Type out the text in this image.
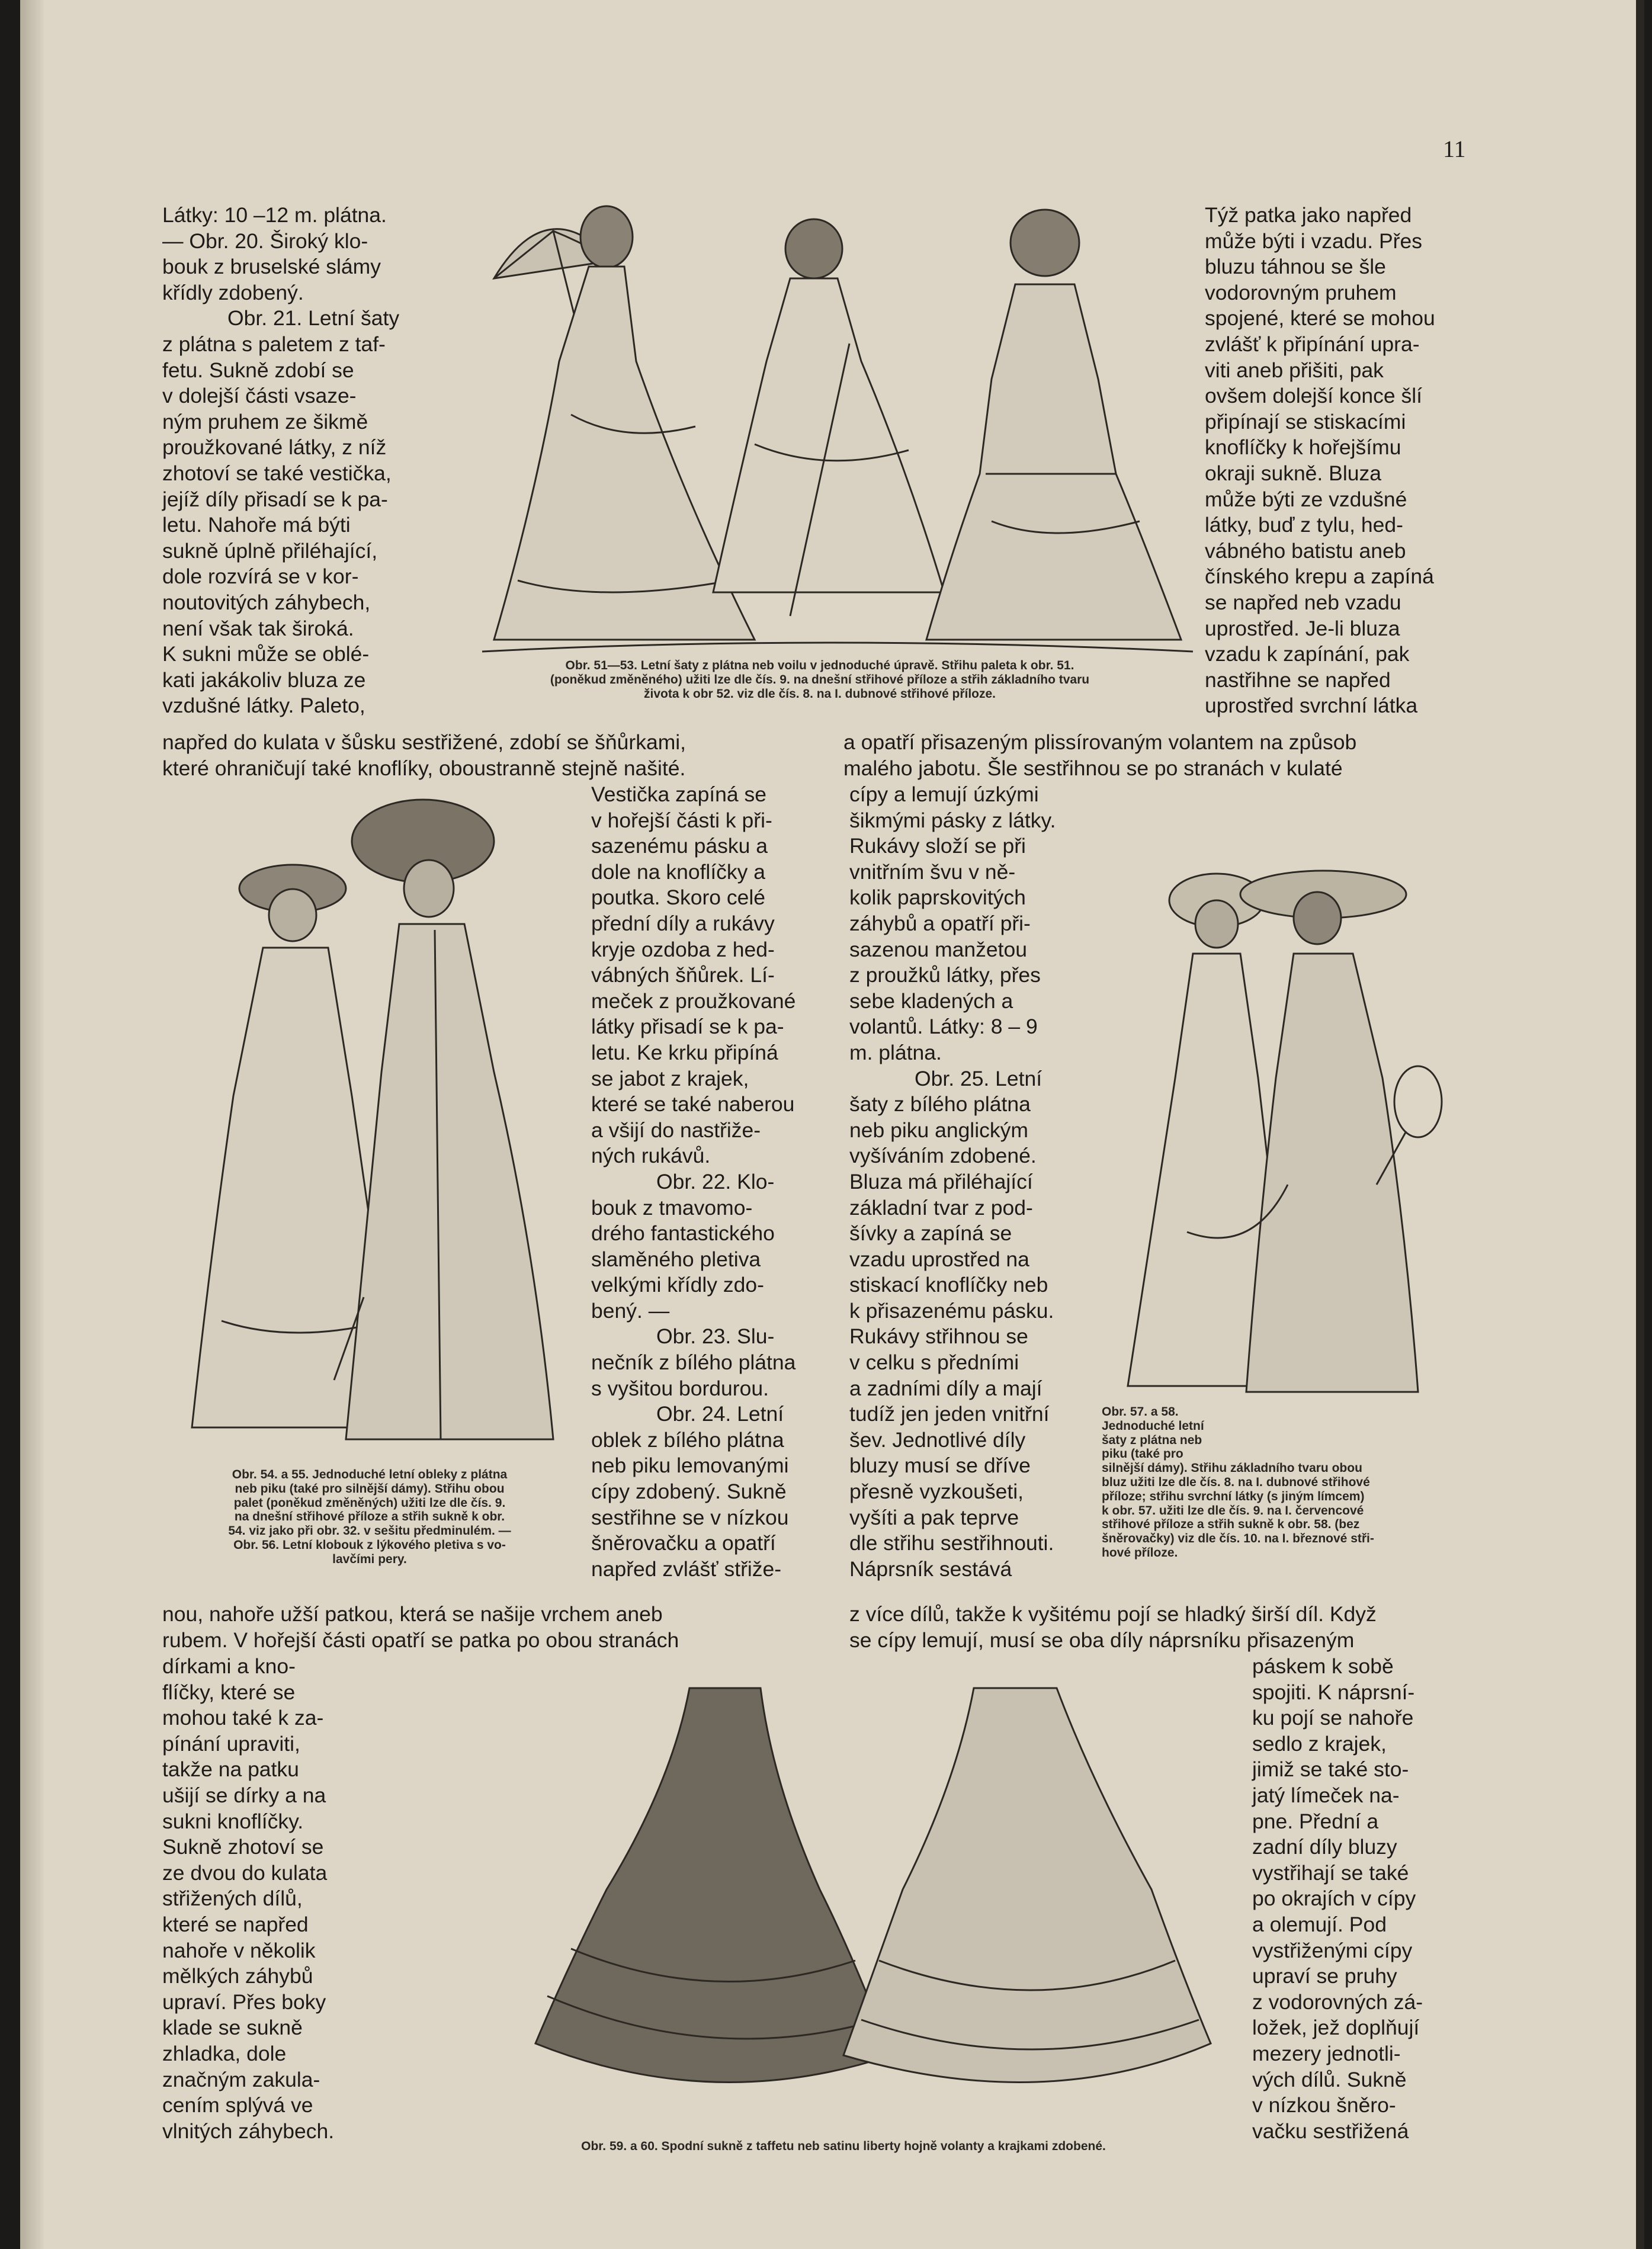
11

Látky: 10 –12 m. plátna.

— Obr. 20. Široký klo-

bouk z bruselské slámy

křídly zdobený.

Obr. 21. Letní šaty

z plátna s paletem z taf-

fetu. Sukně zdobí se

v dolejší části vsaze-

ným pruhem ze šikmě

proužkované látky, z níž

zhotoví se také vestička,

jejíž díly přisadí se k pa-

letu. Nahoře má býti

sukně úplně přiléhající,

dole rozvírá se v kor-

noutovitých záhybech,

není však tak široká.

K sukni může se oblé-

kati jakákoliv bluza ze

vzdušné látky. Paleto,

Obr. 51—53. Letní šaty z plátna neb voilu v jednoduché úpravě. Střihu paleta k obr. 51.
(poněkud změněného) užiti lze dle čís. 9. na dnešní střihové příloze a střih základního tvaru
života k obr 52. viz dle čís. 8. na I. dubnové střihové příloze.

Týž patka jako napřed

může býti i vzadu. Přes

bluzu táhnou se šle

vodorovným pruhem

spojené, které se mohou

zvlášť k připínání upra-

viti aneb přišiti, pak

ovšem dolejší konce šlí

připínají se stiskacími

knoflíčky k hořejšímu

okraji sukně. Bluza

může býti ze vzdušné

látky, buď z tylu, hed-

vábného batistu aneb

čínského krepu a zapíná

se napřed neb vzadu

uprostřed. Je-li bluza

vzadu k zapínání, pak

nastřihne se napřed

uprostřed svrchní látka

napřed do kulata v šůsku sestřižené, zdobí se šňůrkami,

které ohraničují také knoflíky, oboustranně stejně našité.

a opatří přisazeným plissírovaným volantem na způsob

malého jabotu. Šle sestřihnou se po stranách v kulaté

Vestička zapíná se

v hořejší části k při-

sazenému pásku a

dole na knoflíčky a

poutka. Skoro celé

přední díly a rukávy

kryje ozdoba z hed-

vábných šňůrek. Lí-

meček z proužkované

látky přisadí se k pa-

letu. Ke krku připíná

se jabot z krajek,

které se také naberou

a všijí do nastřiže-

ných rukávů.

Obr. 22. Klo-

bouk z tmavomo-

drého fantastického

slaměného pletiva

velkými křídly zdo-

bený. —

Obr. 23. Slu-

nečník z bílého plátna

s vyšitou bordurou.

Obr. 24. Letní

oblek z bílého plátna

neb piku lemovanými

cípy zdobený. Sukně

sestřihne se v nízkou

šněrovačku a opatří

napřed zvlášť střiže-

cípy a lemují úzkými

šikmými pásky z látky.

Rukávy složí se při

vnitřním švu v ně-

kolik paprskovitých

záhybů a opatří při-

sazenou manžetou

z proužků látky, přes

sebe kladených a

volantů. Látky: 8 – 9

m. plátna.

Obr. 25. Letní

šaty z bílého plátna

neb piku anglickým

vyšíváním zdobené.

Bluza má přiléhající

základní tvar z pod-

šívky a zapíná se

vzadu uprostřed na

stiskací knoflíčky neb

k přisazenému pásku.

Rukávy střihnou se

v celku s předními

a zadními díly a mají

tudíž jen jeden vnitřní

šev. Jednotlivé díly

bluzy musí se dříve

přesně vyzkoušeti,

vyšíti a pak teprve

dle střihu sestřihnouti.

Náprsník sestává

Obr. 54. a 55. Jednoduché letní obleky z plátna
neb piku (také pro silnější dámy). Střihu obou
palet (poněkud změněných) užiti lze dle čís. 9.
na dnešní střihové příloze a střih sukně k obr.
54. viz jako při obr. 32. v sešitu předminulém. —
Obr. 56. Letní klobouk z lýkového pletiva s vo-
lavčími pery.
Obr. 57. a 58.
Jednoduché letní
šaty z plátna neb
piku (také pro
silnější dámy). Střihu základního tvaru obou
bluz užiti lze dle čís. 8. na I. dubnové střihové
příloze; střihu svrchní látky (s jiným límcem)
k obr. 57. užiti lze dle čís. 9. na I. červencové
střihové příloze a střih sukně k obr. 58. (bez
šněrovačky) viz dle čís. 10. na I. březnové stři-
hové příloze.

nou, nahoře užší patkou, která se našije vrchem aneb

rubem. V hořejší části opatří se patka po obou stranách

z více dílů, takže k vyšitému pojí se hladký širší díl. Když

se cípy lemují, musí se oba díly náprsníku přisazeným

dírkami a kno-

flíčky, které se

mohou také k za-

pínání upraviti,

takže na patku

ušijí se dírky a na

sukni knoflíčky.

Sukně zhotoví se

ze dvou do kulata

střižených dílů,

které se napřed

nahoře v několik

mělkých záhybů

upraví. Přes boky

klade se sukně

zhladka, dole

značným zakula-

cením splývá ve

vlnitých záhybech.

páskem k sobě

spojiti. K náprsní-

ku pojí se nahoře

sedlo z krajek,

jimiž se také sto-

jatý límeček na-

pne. Přední a

zadní díly bluzy

vystřihají se také

po okrajích v cípy

a olemují. Pod

vystřiženými cípy

upraví se pruhy

z vodorovných zá-

ložek, jež doplňují

mezery jednotli-

vých dílů. Sukně

v nízkou šněro-

vačku sestřižená

Obr. 59. a 60. Spodní sukně z taffetu neb satinu liberty hojně volanty a krajkami zdobené.
